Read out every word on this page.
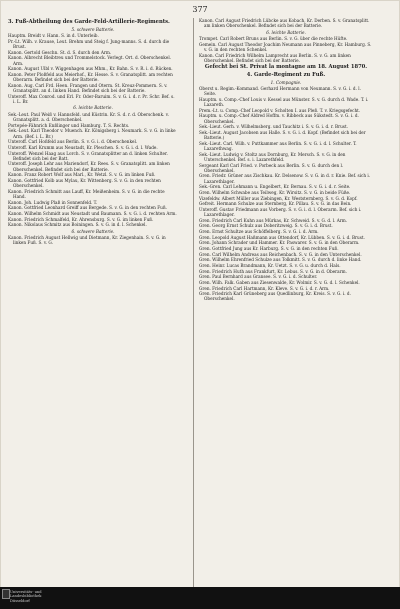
377
3. Fuß-Abtheilung des Garde-Feld-Artillerie-Regiments.
5. schwere Batterie.
Hauptm. Breidt v. Hann. S. in d. Unterleib.
Pr.-Lt. Wilh. v. Krause, Leut. Brehm und Steig f. Jung-manns. S. d. durch die Brust.
Kanon. Gertold Geschn. St. d. S. durch den Arm.
Kanon. Albrecht Bleibtreu und Trommelstock. Verlegt. Ort. d. Oberschenkel. Arm.
Kanon. August Ulbl v. Wiggenhagen aus Mhm., Kr. Bahn. S. v. R. i. d. Rücken.
Kanon. Peter Ploßfeld aus Meierhof., Kr. Hesse. S. v. Granatsplitt. am rechten Oberarm. Befindet sich bei der Batterie.
Kanon. Aug. Carl Frd. Heen. Frangen und Oterm. St. Kreuz-Pommern. S. v. Granatsplitt. an d. linken Hand. Befindet sich bei der Batterie.
Unteroff. Max Conrod. und Erl. Fr. Oder-Baruim. S. v. G. i. d. r. Pr. Schr. Bef. s. i. L. Br.
6. leichte Batterie.
Sek.-Leut. Paul Weiß v. Hannsfeld. und Küstrin. Kr. S. d. r. d. Oberschenk. v. Granatsplitt. a. d. Oberschenkel.
Portepée-Fähnrich Enßlinger und Hamburg. T. S. Rechts.
Sek.-Leut. Karl Theodor v. Muench. Kr. Königsberg i. Neumark. S. v. G. in linke Arm. (Bef. i. L. Br.)
Unteroff. Carl Hoßfeld aus Berlin. S. v. G. i. d. Oberschenkel.
Unteroff. Karl Krumm aus Neustadt, Kr. Pleschen. S. v. G. i. d. l. Wade.
Unteroff. Wenzel Haag aus Lorch. S. v. Granatsplitter an d. linken Schulter. Befindet sich bei der Batt.
Unteroff. Joseph Lehr aus Mariendorf, Kr. Rees. S. v. Granatsplitt. am linken Oberschenkel. Befindet sich bei der Batterie.
Kanon. Franz Robert Wolf aus Marl., Kr. Wetzl. S. v. G. im linken Fuß.
Kanon. Gottfried Kolb aus Mylau, Kr. Wittenberg. S. v. G. in den rechten Oberschenkel.
Kanon. Friedrich Schmitt aus Lauff, Kr. Meißenheim. S. v. G. in die rechte Hand.
Kanon. Joh. Ludwig Plaß in Sonnenfeld. T.
Kanon. Gottfried Leonhard Greiff aus Bergede. S. v. G. in den rechten Fuß.
Kanon. Wilhelm Schmidt aus Neustadt und Baumann. S. v. G. i. d. rechten Arm.
Kanon. Friedrich Schmalfeld, Kr. Ahrensburg. S. v. G. im linken Fuß.
Kanon. Nikolaus Schmitz aus Boiningen. S. v. G. in d. l. Schenkel.
6. schwere Batterie.
Kanon. Friedrich August Hellwig und Dietmann, Kr. Ziegenhain. S. v. G. in linken Fuß. S. v. G.
Kanon. Carl August Friedrich Lübcke aus Kobach, Kr. Derben. S. v. Granatsplitt. am linken Oberschenkel. Befindet sich bei der Batterie.
6. leichte Batterie.
Trompet. Carl Robert Bruns aus Berlin. S. v. G. über die rechte Hüfte.
Gemein. Carl August Theodor Joachim Neumann aus Pinneberg, Kr. Hamburg. S. v. G. in den rechten Schenkel.
Kanon. Carl Friedrich Wilhelm Lamprecht aus Berlin. S. v. G. am linken Oberschenkel. Befindet sich bei der Batterie.
Gefecht bei St. Privat la montagne am 18. August 1870.
4. Garde-Regiment zu Fuß.
1. Compagnie.
Oberst u. Regim.-Kommand. Gerhard Hermann von Neumann. S. v. G. i. d. l. Seite.
Hauptm. u. Comp.-Chef Louis v. Kessel aus Münster. S. v. G. durch d. Wade. T. i. Lazareth.
Prem.-Lt. u. Comp.-Chef Leopold v. Scholten I. aus Pleß. T. v. Kriegsgefecht.
Hauptm. u. Comp.-Chef Aldred Hoffm. v. Ribbeck aus Sükstedt. S. v. G. i. d. Oberschenkel.
Sek.-Lieut. Gerh. v. Wilhelmsberg. und Tauchitz i. S. v. G. i. d. r. Brust.
Sek.-Lieut. August Jacobsen aus Halle. S. v. G. i. d. Kopf. (Befindet sich bei der Batterie.)
Sek.-Lieut. Carl. Wilh. v. Puttkammer aus Berlin. S. v. G. i. d. l. Schulter. T. Lazarethwag.
Sek.-Lieut. Ludwig v. Stoltz aus Dornburg, Kr. Mersch. S. v. G. in den Unterschenkel. Bef. s. i. Lazarethfeld.
Sergeant Karl Carl Fried. v. Porbeck aus Berlin. S. v. G. durch den l. Oberschenkel.
Gren. Friedr. Grüner aus Zischkau. Kr. Delsenow. S. v. G. in d. r. Knie. Bef. sich i. Lazarethlager.
Sek.-Gren. Carl Lehmann u. Engelbert, Kr. Bernau. S. v. G. i. d. r. Seite.
Gren. Wilhelm Schwabe aus Teilweg, Kr. Wirsitz. S. v. G. in beide Füße.
Vizefeldw. Albert Müller aus Ziebingen, Kr. Weststernberg. S. v. G. d. Kopf.
Gefreit. Hermann Schulze aus Sternberg, Kr. Pillau. S. v. G. in das Bein.
Unteroff. Gustav Friedmann aus Vorberg. S. v. G. i. d. l. Oberarm. Bef. sich i. Lazarethlager.
Gren. Friedrich Carl Kuhn aus Mürkas, Kr. Schweid. S. v. G. d. l. Arm.
Gren. Georg Ernst Schulz aus Doberitzweig. S. v. G. i. d. Brust.
Gren. Ernst Schultze aus Schöffelberg. S. v. G. i. d. Arm.
Gren. Leopold August Haßmann aus Ottendorf, Kr. Lübben. S. v. G. i. d. Brust.
Gren. Johann Schrader und Hammer. Kr. Paswarer. S. v. G. in den Oberarm.
Gren. Gottfried Jung aus Kr. Harburg. S. v. G. in den rechten Fuß.
Gren. Carl Wilhelm Andreas aus Reichenbach. S. v. G. in den Unterschenkel.
Gren. Wilhelm Ehrenfried Schulze aus Tolkmitt. S. v. G. durch d. linke Hand.
Gren. Heinr. Lucas Brandmann, Kr. Uetzt. S. v. G. u. durch d. Hals.
Gren. Friedrich Huth aus Frankfurt, Kr. Lebus. S. v. G. in d. Oberarm.
Gren. Paul Bernhard aus Gransee. S. v. G. i. d. Schulter.
Gren. Wilh. Falk. Gaben aus Ziesenwalde, Kr. Wolmir. S. v. G. d. l. Schenkel.
Gren. Friedrich Carl Hartmann, Kr. Kleve. S. v. G. i. d. r. Arm.
Gren. Friedrich Karl Grüneberg aus Quedlinburg, Kr. Kreis. S. v. G. i. d. Oberschenkel.
Universitäts- und
Landesbibliothek
Düsseldorf
